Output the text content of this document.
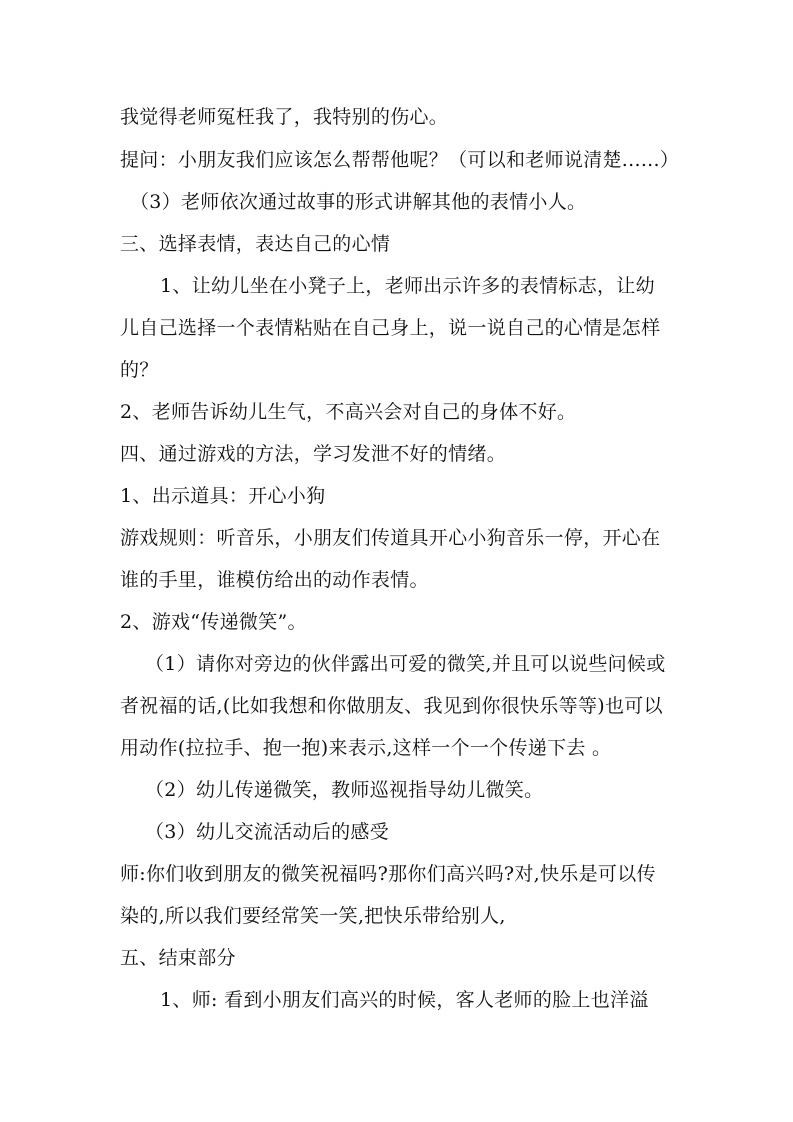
我觉得老师冤枉我了，我特别的伤心。
提问：小朋友我们应该怎么帮帮他呢？（可以和老师说清楚......）
（3）老师依次通过故事的形式讲解其他的表情小人。
三、选择表情，表达自己的心情
1、让幼儿坐在小凳子上，老师出示许多的表情标志，让幼
儿自己选择一个表情粘贴在自己身上，说一说自己的心情是怎样
的？
2、老师告诉幼儿生气，不高兴会对自己的身体不好。
四、通过游戏的方法，学习发泄不好的情绪。
1、出示道具：开心小狗
游戏规则：听音乐，小朋友们传道具开心小狗音乐一停，开心在
谁的手里，谁模仿给出的动作表情。
2、游戏“传递微笑”。
（1）请你对旁边的伙伴露出可爱的微笑,并且可以说些问候或
者祝福的话,(比如我想和你做朋友、我见到你很快乐等等)也可以
用动作(拉拉手、抱一抱)来表示,这样一个一个传递下去 。
（2）幼儿传递微笑，教师巡视指导幼儿微笑。
（3）幼儿交流活动后的感受
师:你们收到朋友的微笑祝福吗?那你们高兴吗?对,快乐是可以传
染的,所以我们要经常笑一笑,把快乐带给别人,
五、结束部分
1、师: 看到小朋友们高兴的时候，客人老师的脸上也洋溢
